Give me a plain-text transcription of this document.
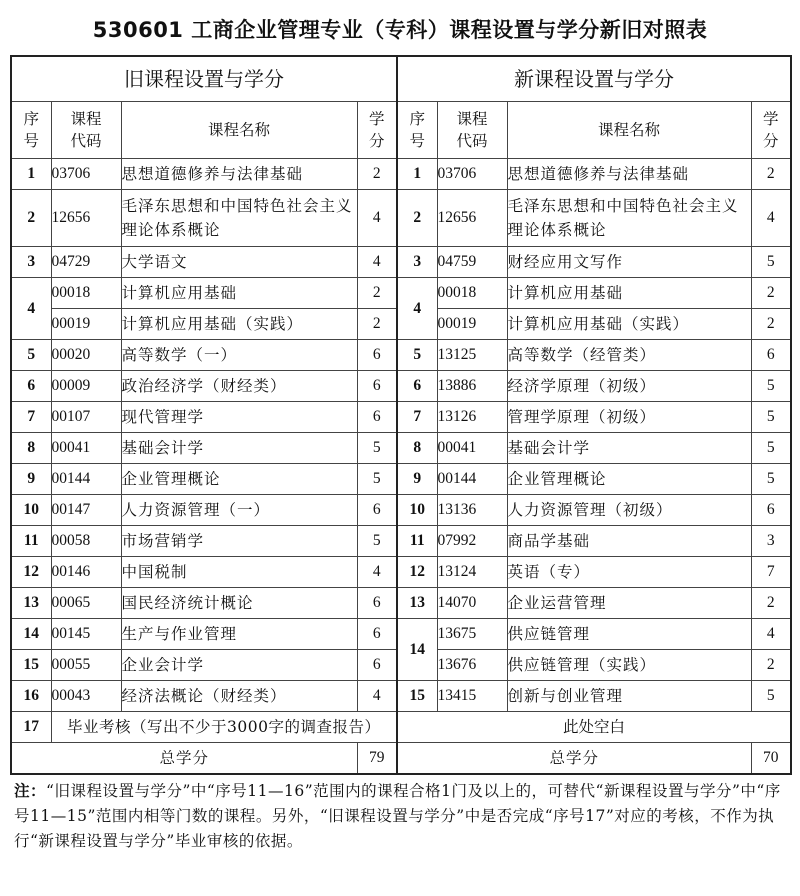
530601 工商企业管理专业（专科）课程设置与学分新旧对照表
旧课程设置与学分				新课程设置与学分			
序号	课程代码	课程名称	学分	序号	课程代码	课程名称	学分
1	03706	思想道德修养与法律基础	2	1	03706	思想道德修养与法律基础	2
2	12656	毛泽东思想和中国特色社会主义理论体系概论	4	2	12656	毛泽东思想和中国特色社会主义理论体系概论	4
3	04729	大学语文	4	3	04759	财经应用文写作	5
4	00018	计算机应用基础	2	4	00018	计算机应用基础	2
	00019	计算机应用基础（实践）	2		00019	计算机应用基础（实践）	2
5	00020	高等数学（一）	6	5	13125	高等数学（经管类）	6
6	00009	政治经济学（财经类）	6	6	13886	经济学原理（初级）	5
7	00107	现代管理学	6	7	13126	管理学原理（初级）	5
8	00041	基础会计学	5	8	00041	基础会计学	5
9	00144	企业管理概论	5	9	00144	企业管理概论	5
10	00147	人力资源管理（一）	6	10	13136	人力资源管理（初级）	6
11	00058	市场营销学	5	11	07992	商品学基础	3
12	00146	中国税制	4	12	13124	英语（专）	7
13	00065	国民经济统计概论	6	13	14070	企业运营管理	2
14	00145	生产与作业管理	6	14	13675	供应链管理	4
15	00055	企业会计学	6		13676	供应链管理（实践）	2
16	00043	经济法概论（财经类）	4	15	13415	创新与创业管理	5
17	毕业考核（写出不少于3000字的调查报告）			此处空白			
总学分			79	总学分			70
注：“旧课程设置与学分”中“序号11—16”范围内的课程合格1门及以上的，可替代“新课程设置与学分”中“序号11—15”范围内相等门数的课程。另外，“旧课程设置与学分”中是否完成“序号17”对应的考核，不作为执行“新课程设置与学分”毕业审核的依据。
